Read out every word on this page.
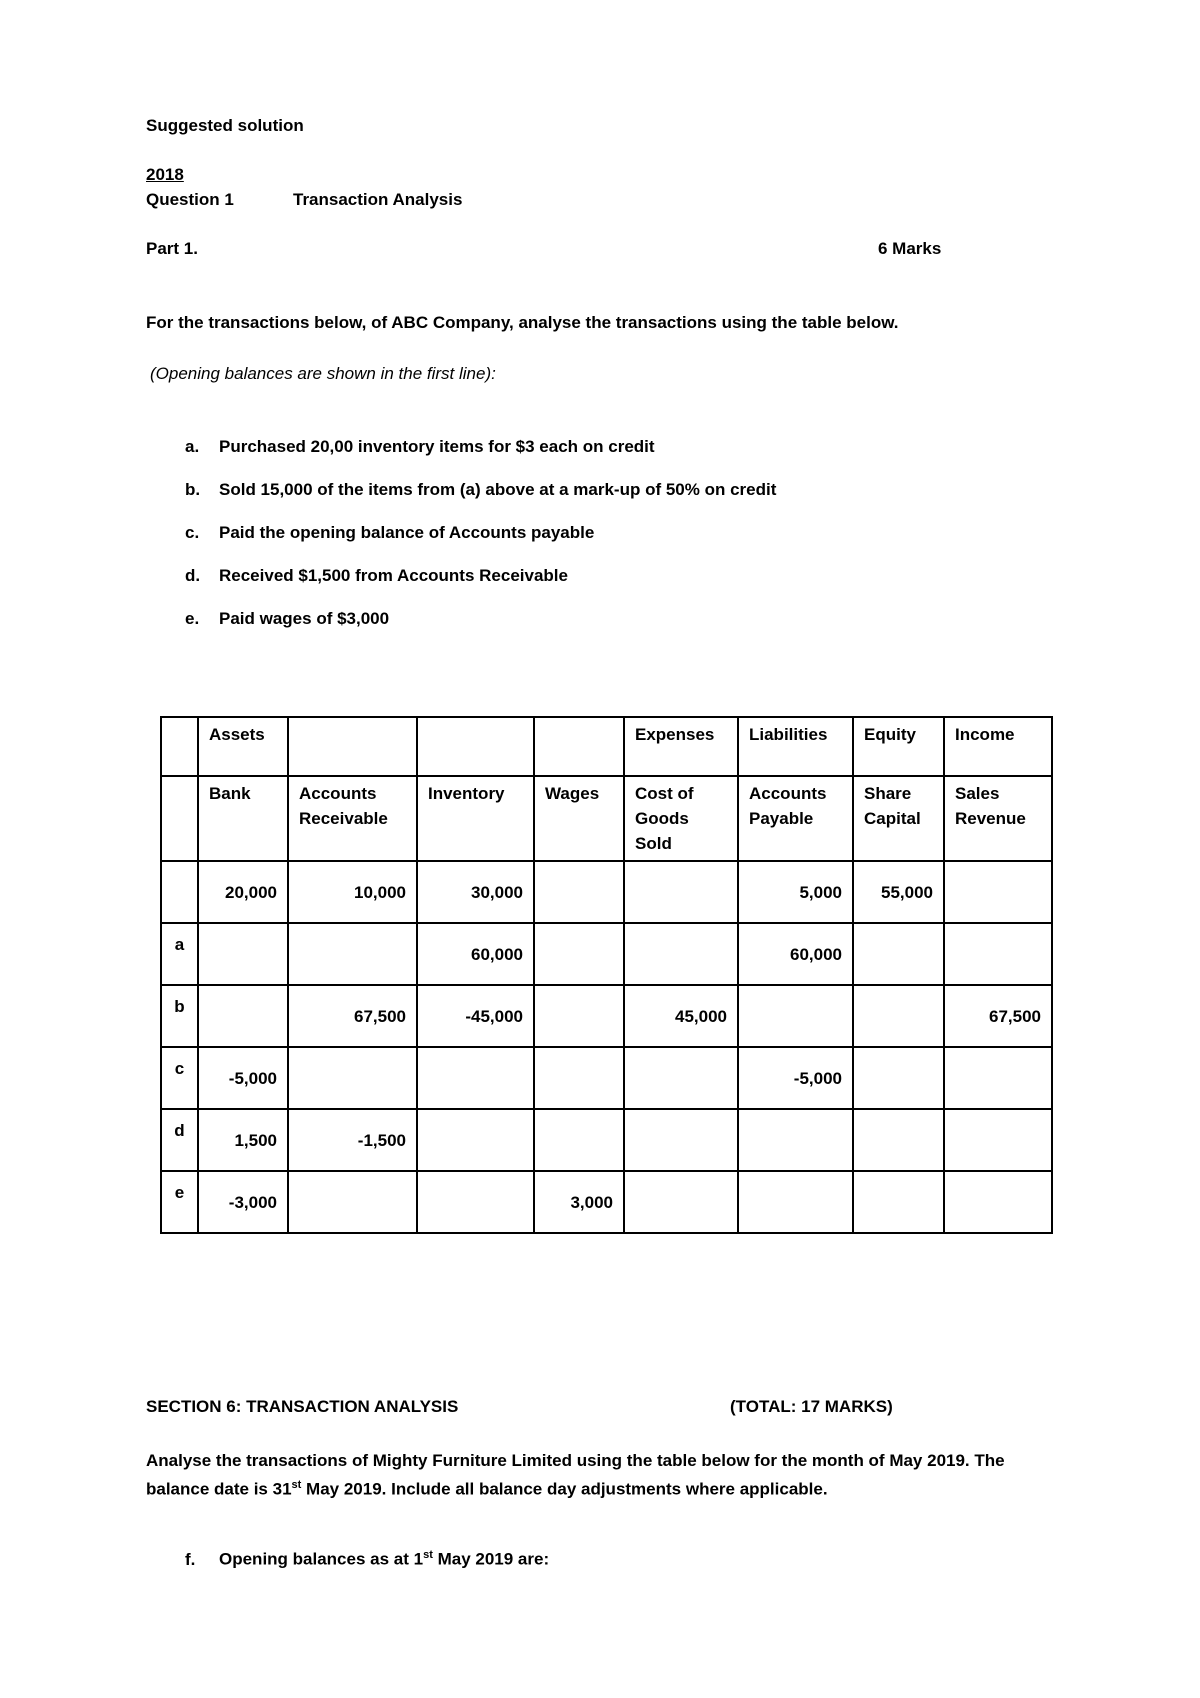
Suggested solution
2018
Question 1	Transaction Analysis
Part 1.	6 Marks
For the transactions below, of ABC Company, analyse the transactions using the table below.
(Opening balances are shown in the first line):
a. Purchased 20,00 inventory items for $3 each on credit
b. Sold 15,000 of the items from (a) above at a mark-up of 50% on credit
c. Paid the opening balance of Accounts payable
d. Received $1,500 from Accounts Receivable
e. Paid wages of $3,000
	Assets				Expenses	Liabilities	Equity	Income
	Bank	Accounts Receivable	Inventory	Wages	Cost of Goods Sold	Accounts Payable	Share Capital	Sales Revenue
	20,000	10,000	30,000			5,000	55,000	
a			60,000			60,000		
b		67,500	-45,000		45,000			67,500
c	-5,000					-5,000		
d	1,500	-1,500						
e	-3,000			3,000				
SECTION 6: TRANSACTION ANALYSIS	(TOTAL: 17 MARKS)
Analyse the transactions of Mighty Furniture Limited using the table below for the month of May 2019. The balance date is 31st May 2019. Include all balance day adjustments where applicable.
f. Opening balances as at 1st May 2019 are:
